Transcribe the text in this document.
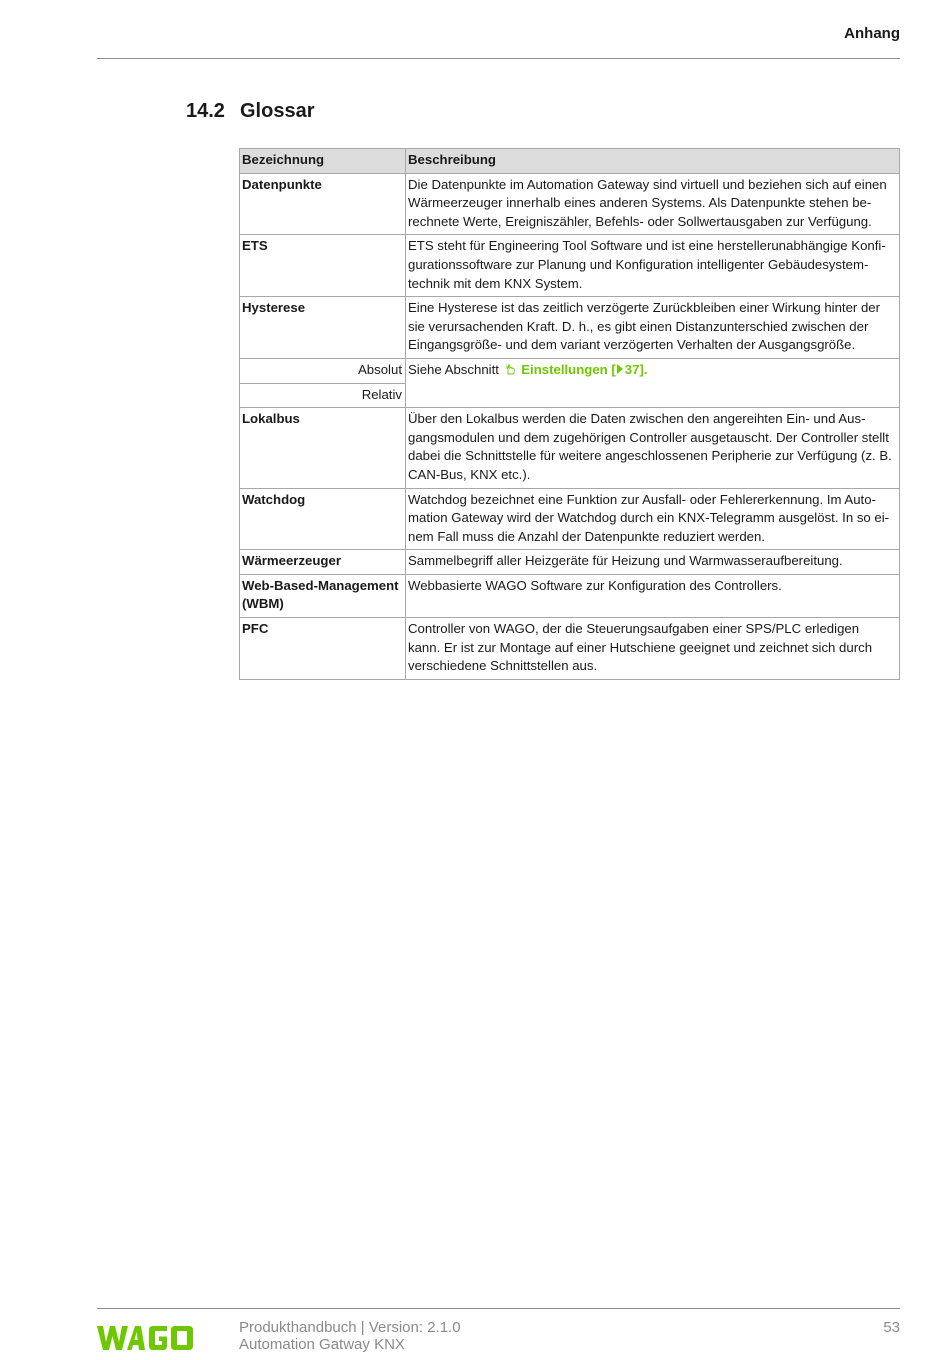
Anhang
14.2 Glossar
Bezeichnung	Beschreibung
Datenpunkte	Die Datenpunkte im Automation Gateway sind virtuell und beziehen sich auf einen
Wärmeerzeuger innerhalb eines anderen Systems. Als Datenpunkte stehen be-
rechnete Werte, Ereigniszähler, Befehls- oder Sollwertausgaben zur Verfügung.

ETS	ETS steht für Engineering Tool Software und ist eine herstellerunabhängige Konfi-
gurationssoftware zur Planung und Konfiguration intelligenter Gebäudesystem-
technik mit dem KNX System.

Hysterese	Eine Hysterese ist das zeitlich verzögerte Zurückbleiben einer Wirkung hinter der
sie verursachenden Kraft. D. h., es gibt einen Distanzunterschied zwischen der
Eingangsgröße- und dem variant verzögerten Verhalten der Ausgangsgröße.

Absolut	Siehe Abschnitt Einstellungen [ 37].
Relativ	
Lokalbus	Über den Lokalbus werden die Daten zwischen den angereihten Ein- und Aus-
gangsmodulen und dem zugehörigen Controller ausgetauscht. Der Controller stellt
dabei die Schnittstelle für weitere angeschlossenen Peripherie zur Verfügung (z. B.
CAN-Bus, KNX etc.).

Watchdog	Watchdog bezeichnet eine Funktion zur Ausfall- oder Fehlererkennung. Im Auto-
mation Gateway wird der Watchdog durch ein KNX-Telegramm ausgelöst. In so ei-
nem Fall muss die Anzahl der Datenpunkte reduziert werden.

Wärmeerzeuger	Sammelbegriff aller Heizgeräte für Heizung und Warmwasseraufbereitung.

Web-Based-Management
(WBM)	Webbasierte WAGO Software zur Konfiguration des Controllers.

PFC	Controller von WAGO, der die Steuerungsaufgaben einer SPS/PLC erledigen
kann. Er ist zur Montage auf einer Hutschiene geeignet und zeichnet sich durch
verschiedene Schnittstellen aus.
WAGO
Produkthandbuch | Version: 2.1.0
Automation Gatway KNX
53
